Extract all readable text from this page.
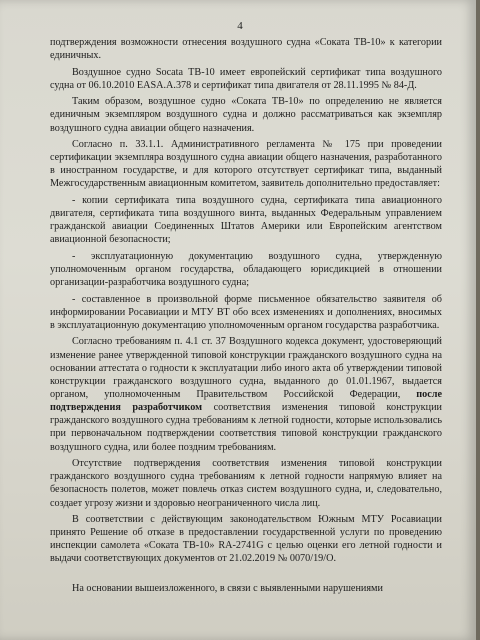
4

подтверждения возможности отнесения воздушного судна «Сокатa ТВ-10» к категории единичных.

Воздушное судно Socata ТВ-10 имеет европейский сертификат типа воздушного судна от 06.10.2010 EASA.A.378 и сертификат типа двигателя от 28.11.1995 № 84-Д.

Таким образом, воздушное судно «Сокатa ТВ-10» по определению не является единичным экземпляром воздушного судна и должно рассматриваться как экземпляр воздушного судна авиации общего назначения.

Согласно п. 33.1.1. Административного регламента № 175 при проведении сертификации экземпляра воздушного судна авиации общего назначения, разработанного в иностранном государстве, и для которого отсутствует сертификат типа, выданный Межгосударственным авиационным комитетом, заявитель дополнительно предоставляет:

- копии сертификата типа воздушного судна, сертификата типа авиационного двигателя, сертификата типа воздушного винта, выданных Федеральным управлением гражданской авиации Соединенных Штатов Америки или Европейским агентством авиационной безопасности;

- эксплуатационную документацию воздушного судна, утвержденную уполномоченным органом государства, обладающего юрисдикцией в отношении организации-разработчика воздушного судна;

- составленное в произвольной форме письменное обязательство заявителя об информировании Росавиации и МТУ ВТ обо всех изменениях и дополнениях, вносимых в эксплуатационную документацию уполномоченным органом государства разработчика.

Согласно требованиям п. 4.1 ст. 37 Воздушного кодекса документ, удостоверяющий изменение ранее утвержденной типовой конструкции гражданского воздушного судна на основании аттестата о годности к эксплуатации либо иного акта об утверждении типовой конструкции гражданского воздушного судна, выданного до 01.01.1967, выдается органом, уполномоченным Правительством Российской Федерации, после подтверждения разработчиком соответствия изменения типовой конструкции гражданского воздушного судна требованиям к летной годности, которые использовались при первоначальном подтверждении соответствия типовой конструкции гражданского воздушного судна, или более поздним требованиям.

Отсутствие подтверждения соответствия изменения типовой конструкции гражданского воздушного судна требованиям к летной годности напрямую влияет на безопасность полетов, может повлечь отказ систем воздушного судна, и, следовательно, создает угрозу жизни и здоровью неограниченного числа лиц.

В соответствии с действующим законодательством Южным МТУ Росавиации принято Решение об отказе в предоставлении государственной услуги по проведению инспекции самолета «Сокатa ТВ-10» RA-2741G с целью оценки его летной годности и выдачи соответствующих документов от 21.02.2019 № 0070/19/О.

На основании вышеизложенного, в связи с выявленными нарушениями
